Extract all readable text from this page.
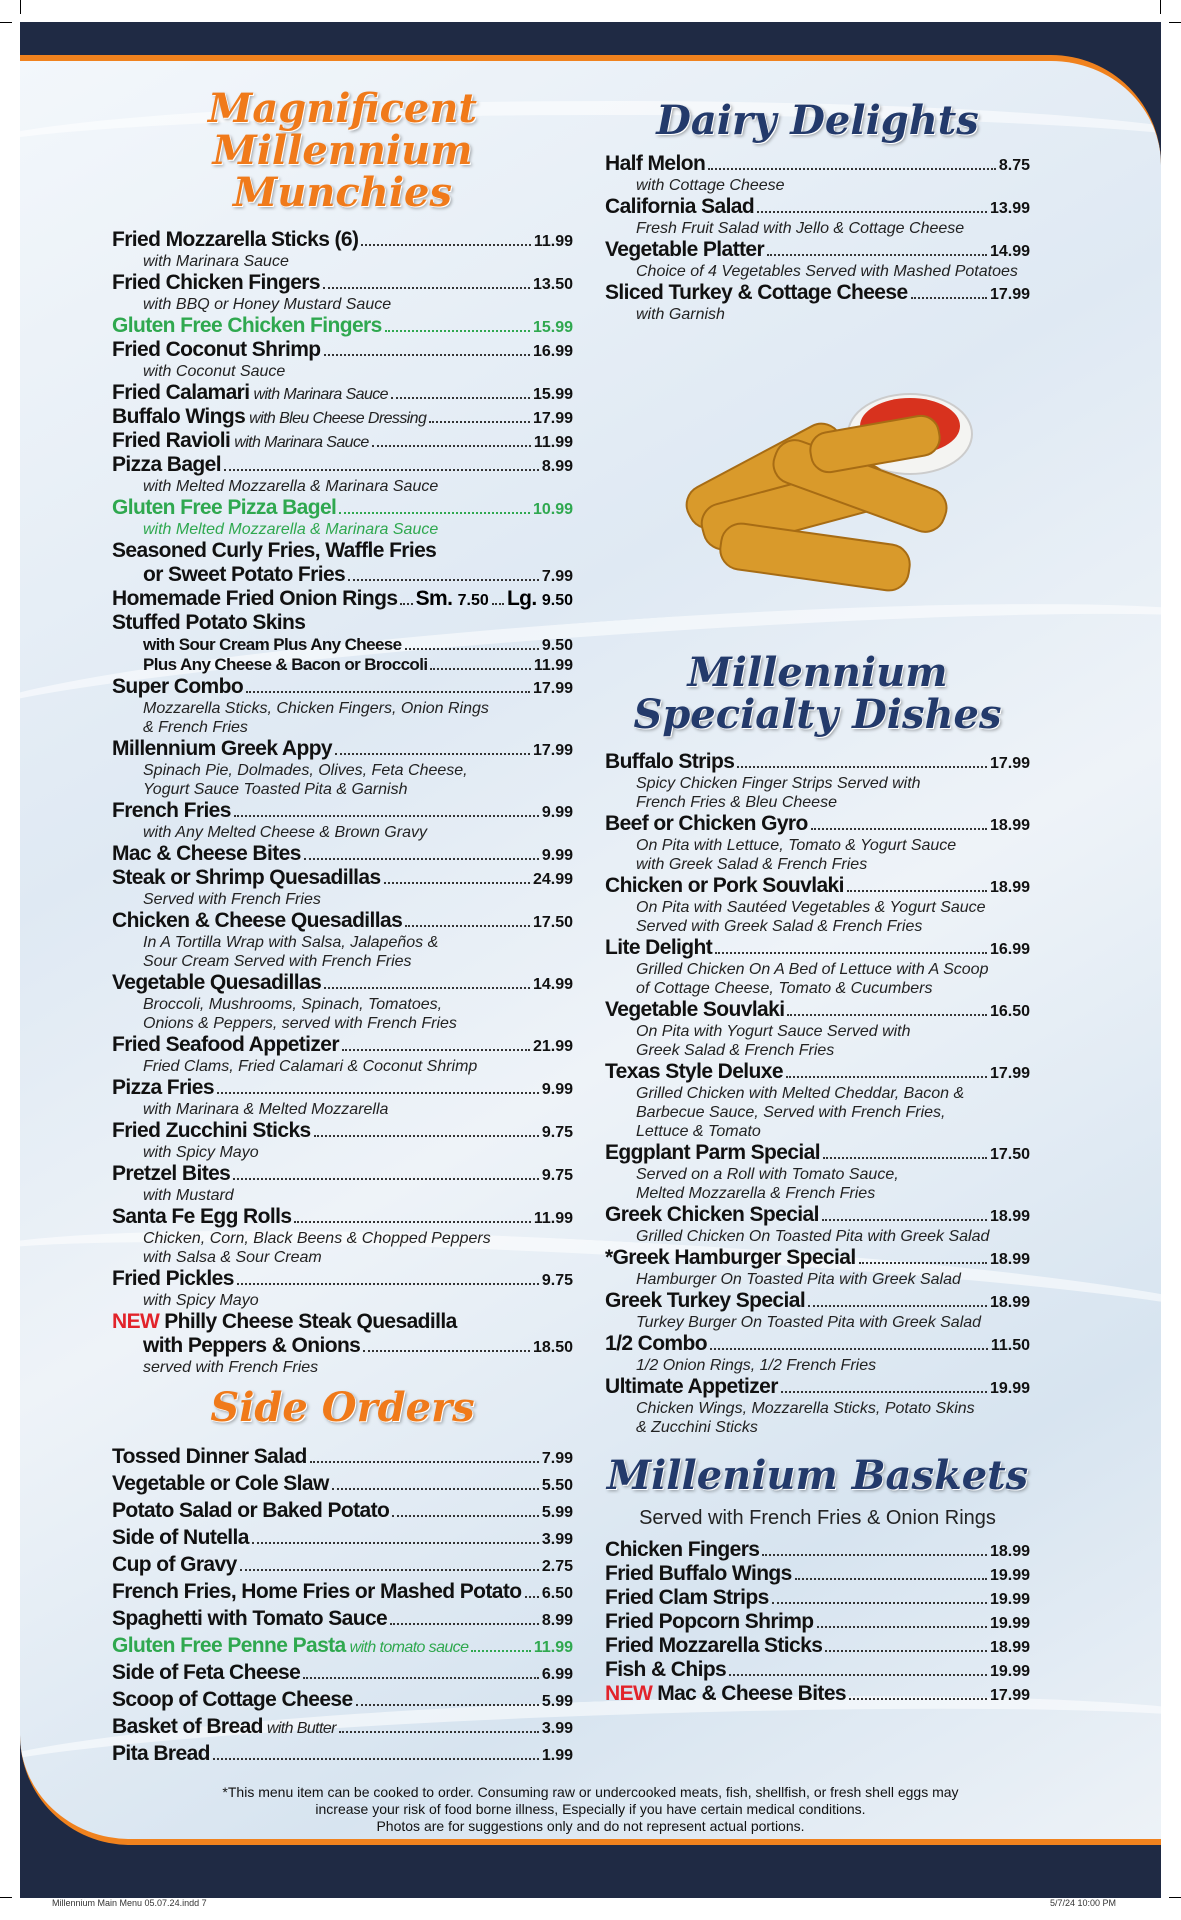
Magnificent
Millennium Munchies
Fried Mozzarella Sticks (6)	11.99
with Marinara Sauce
Fried Chicken Fingers	13.50
with BBQ or Honey Mustard Sauce
Gluten Free Chicken Fingers	15.99
Fried Coconut Shrimp	16.99
with Coconut Sauce
Fried Calamari with Marinara Sauce	15.99
Buffalo Wings with Bleu Cheese Dressing	17.99
Fried Ravioli with Marinara Sauce	11.99
Pizza Bagel	8.99
with Melted Mozzarella & Marinara Sauce
Gluten Free Pizza Bagel	10.99
with Melted Mozzarella & Marinara Sauce
Seasoned Curly Fries, Waffle Fries
or Sweet Potato Fries	7.99
Homemade Fried Onion Rings Sm. 7.50 Lg. 9.50
Stuffed Potato Skins
with Sour Cream Plus Any Cheese	9.50
Plus Any Cheese & Bacon or Broccoli	11.99
Super Combo	17.99
Mozzarella Sticks, Chicken Fingers, Onion Rings
& French Fries
Millennium Greek Appy	17.99
Spinach Pie, Dolmades, Olives, Feta Cheese,
Yogurt Sauce Toasted Pita & Garnish
French Fries	9.99
with Any Melted Cheese & Brown Gravy
Mac & Cheese Bites	9.99
Steak or Shrimp Quesadillas	24.99
Served with French Fries
Chicken & Cheese Quesadillas	17.50
In A Tortilla Wrap with Salsa, Jalapeños &
Sour Cream Served with French Fries
Vegetable Quesadillas	14.99
Broccoli, Mushrooms, Spinach, Tomatoes,
Onions & Peppers, served with French Fries
Fried Seafood Appetizer	21.99
Fried Clams, Fried Calamari & Coconut Shrimp
Pizza Fries	9.99
with Marinara & Melted Mozzarella
Fried Zucchini Sticks	9.75
with Spicy Mayo
Pretzel Bites	9.75
with Mustard
Santa Fe Egg Rolls	11.99
Chicken, Corn, Black Beens & Chopped Peppers
with Salsa & Sour Cream
Fried Pickles	9.75
with Spicy Mayo
NEW Philly Cheese Steak Quesadilla
with Peppers & Onions	18.50
served with French Fries
Side Orders
Tossed Dinner Salad	7.99
Vegetable or Cole Slaw	5.50
Potato Salad or Baked Potato	5.99
Side of Nutella	3.99
Cup of Gravy	2.75
French Fries, Home Fries or Mashed Potato 6.50
Spaghetti with Tomato Sauce	8.99
Gluten Free Penne Pasta with tomato sauce	11.99
Side of Feta Cheese	6.99
Scoop of Cottage Cheese	5.99
Basket of Bread with Butter	3.99
Pita Bread	1.99
Dairy Delights
Half Melon	8.75
with Cottage Cheese
California Salad	13.99
Fresh Fruit Salad with Jello & Cottage Cheese
Vegetable Platter	14.99
Choice of 4 Vegetables Served with Mashed Potatoes
Sliced Turkey & Cottage Cheese	17.99
with Garnish
Millennium
Specialty Dishes
Buffalo Strips	17.99
Spicy Chicken Finger Strips Served with
French Fries & Bleu Cheese
Beef or Chicken Gyro	18.99
On Pita with Lettuce, Tomato & Yogurt Sauce
with Greek Salad & French Fries
Chicken or Pork Souvlaki	18.99
On Pita with Sautéed Vegetables & Yogurt Sauce
Served with Greek Salad & French Fries
Lite Delight	16.99
Grilled Chicken On A Bed of Lettuce with A Scoop
of Cottage Cheese, Tomato & Cucumbers
Vegetable Souvlaki	16.50
On Pita with Yogurt Sauce Served with
Greek Salad & French Fries
Texas Style Deluxe	17.99
Grilled Chicken with Melted Cheddar, Bacon &
Barbecue Sauce, Served with French Fries,
Lettuce & Tomato
Eggplant Parm Special	17.50
Served on a Roll with Tomato Sauce,
Melted Mozzarella & French Fries
Greek Chicken Special	18.99
Grilled Chicken On Toasted Pita with Greek Salad
*Greek Hamburger Special	18.99
Hamburger On Toasted Pita with Greek Salad
Greek Turkey Special	18.99
Turkey Burger On Toasted Pita with Greek Salad
1/2 Combo	11.50
1/2 Onion Rings, 1/2 French Fries
Ultimate Appetizer	19.99
Chicken Wings, Mozzarella Sticks, Potato Skins
& Zucchini Sticks
Millenium Baskets
Served with French Fries & Onion Rings
Chicken Fingers	18.99
Fried Buffalo Wings	19.99
Fried Clam Strips	19.99
Fried Popcorn Shrimp	19.99
Fried Mozzarella Sticks	18.99
Fish & Chips	19.99
NEW Mac & Cheese Bites	17.99
*This menu item can be cooked to order. Consuming raw or undercooked meats, fish, shellfish, or fresh shell eggs may
increase your risk of food borne illness, Especially if you have certain medical conditions.
Photos are for suggestions only and do not represent actual portions.
Millennium Main Menu 05.07.24.indd 7	5/7/24 10:00 PM
